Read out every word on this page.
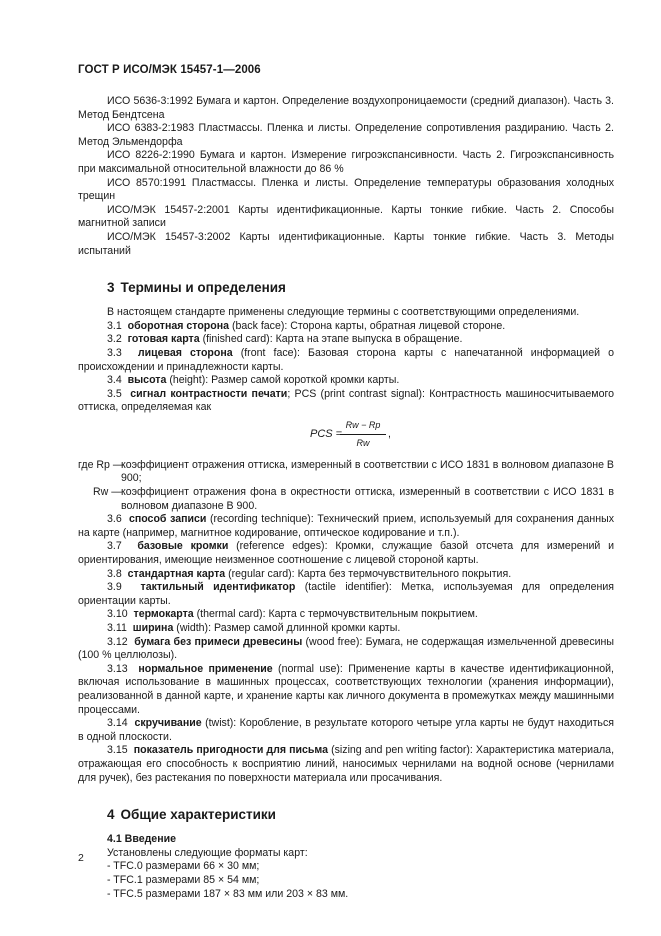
ГОСТ Р ИСО/МЭК 15457-1—2006

ИСО 5636-3:1992 Бумага и картон. Определение воздухопроницаемости (средний диапазон). Часть 3. Метод Бендтсена

ИСО 6383-2:1983 Пластмассы. Пленка и листы. Определение сопротивления раздиранию. Часть 2. Метод Эльмендорфа

ИСО 8226-2:1990 Бумага и картон. Измерение гигроэкспансивности. Часть 2. Гигроэкспансивность при максимальной относительной влажности до 86 %

ИСО 8570:1991 Пластмассы. Пленка и листы. Определение температуры образования холодных трещин

ИСО/МЭК 15457-2:2001 Карты идентификационные. Карты тонкие гибкие. Часть 2. Способы магнитной записи

ИСО/МЭК 15457-3:2002 Карты идентификационные. Карты тонкие гибкие. Часть 3. Методы испытаний

3 Термины и определения

В настоящем стандарте применены следующие термины с соответствующими определениями.

3.1 оборотная сторона (back face): Сторона карты, обратная лицевой стороне.

3.2 готовая карта (finished card): Карта на этапе выпуска в обращение.

3.3 лицевая сторона (front face): Базовая сторона карты с напечатанной информацией о происхождении и принадлежности карты.

3.4 высота (height): Размер самой короткой кромки карты.

3.5 сигнал контрастности печати; PCS (print contrast signal): Контрастность машиносчитываемого оттиска, определяемая как

PCS =
Rw − Rp
Rw
,
где Rp —
коэффициент отражения оттиска, измеренный в соответствии с ИСО 1831 в волновом диапазоне В 900;
Rw — коэффициент отражения фона в окрестности оттиска, измеренный в соответствии с ИСО 1831 в волновом диапазоне В 900.

3.6 способ записи (recording technique): Технический прием, используемый для сохранения данных на карте (например, магнитное кодирование, оптическое кодирование и т.п.).

3.7 базовые кромки (reference edges): Кромки, служащие базой отсчета для измерений и ориентирования, имеющие неизменное соотношение с лицевой стороной карты.

3.8 стандартная карта (regular card): Карта без термочувствительного покрытия.

3.9 тактильный идентификатор (tactile identifier): Метка, используемая для определения ориентации карты.

3.10 термокарта (thermal card): Карта с термочувствительным покрытием.

3.11 ширина (width): Размер самой длинной кромки карты.

3.12 бумага без примеси древесины (wood free): Бумага, не содержащая измельченной древесины (100 % целлюлозы).

3.13 нормальное применение (normal use): Применение карты в качестве идентификационной, включая использование в машинных процессах, соответствующих технологии (хранения информации), реализованной в данной карте, и хранение карты как личного документа в промежутках между машинными процессами.

3.14 скручивание (twist): Коробление, в результате которого четыре угла карты не будут находиться в одной плоскости.

3.15 показатель пригодности для письма (sizing and pen writing factor): Характеристика материала, отражающая его способность к восприятию линий, наносимых чернилами на водной основе (чернилами для ручек), без растекания по поверхности материала или просачивания.

4 Общие характеристики
4.1 Введение

Установлены следующие форматы карт:

- TFC.0 размерами 66 × 30 мм;
- TFC.1 размерами 85 × 54 мм;
- TFC.5 размерами 187 × 83 мм или 203 × 83 мм.
2
